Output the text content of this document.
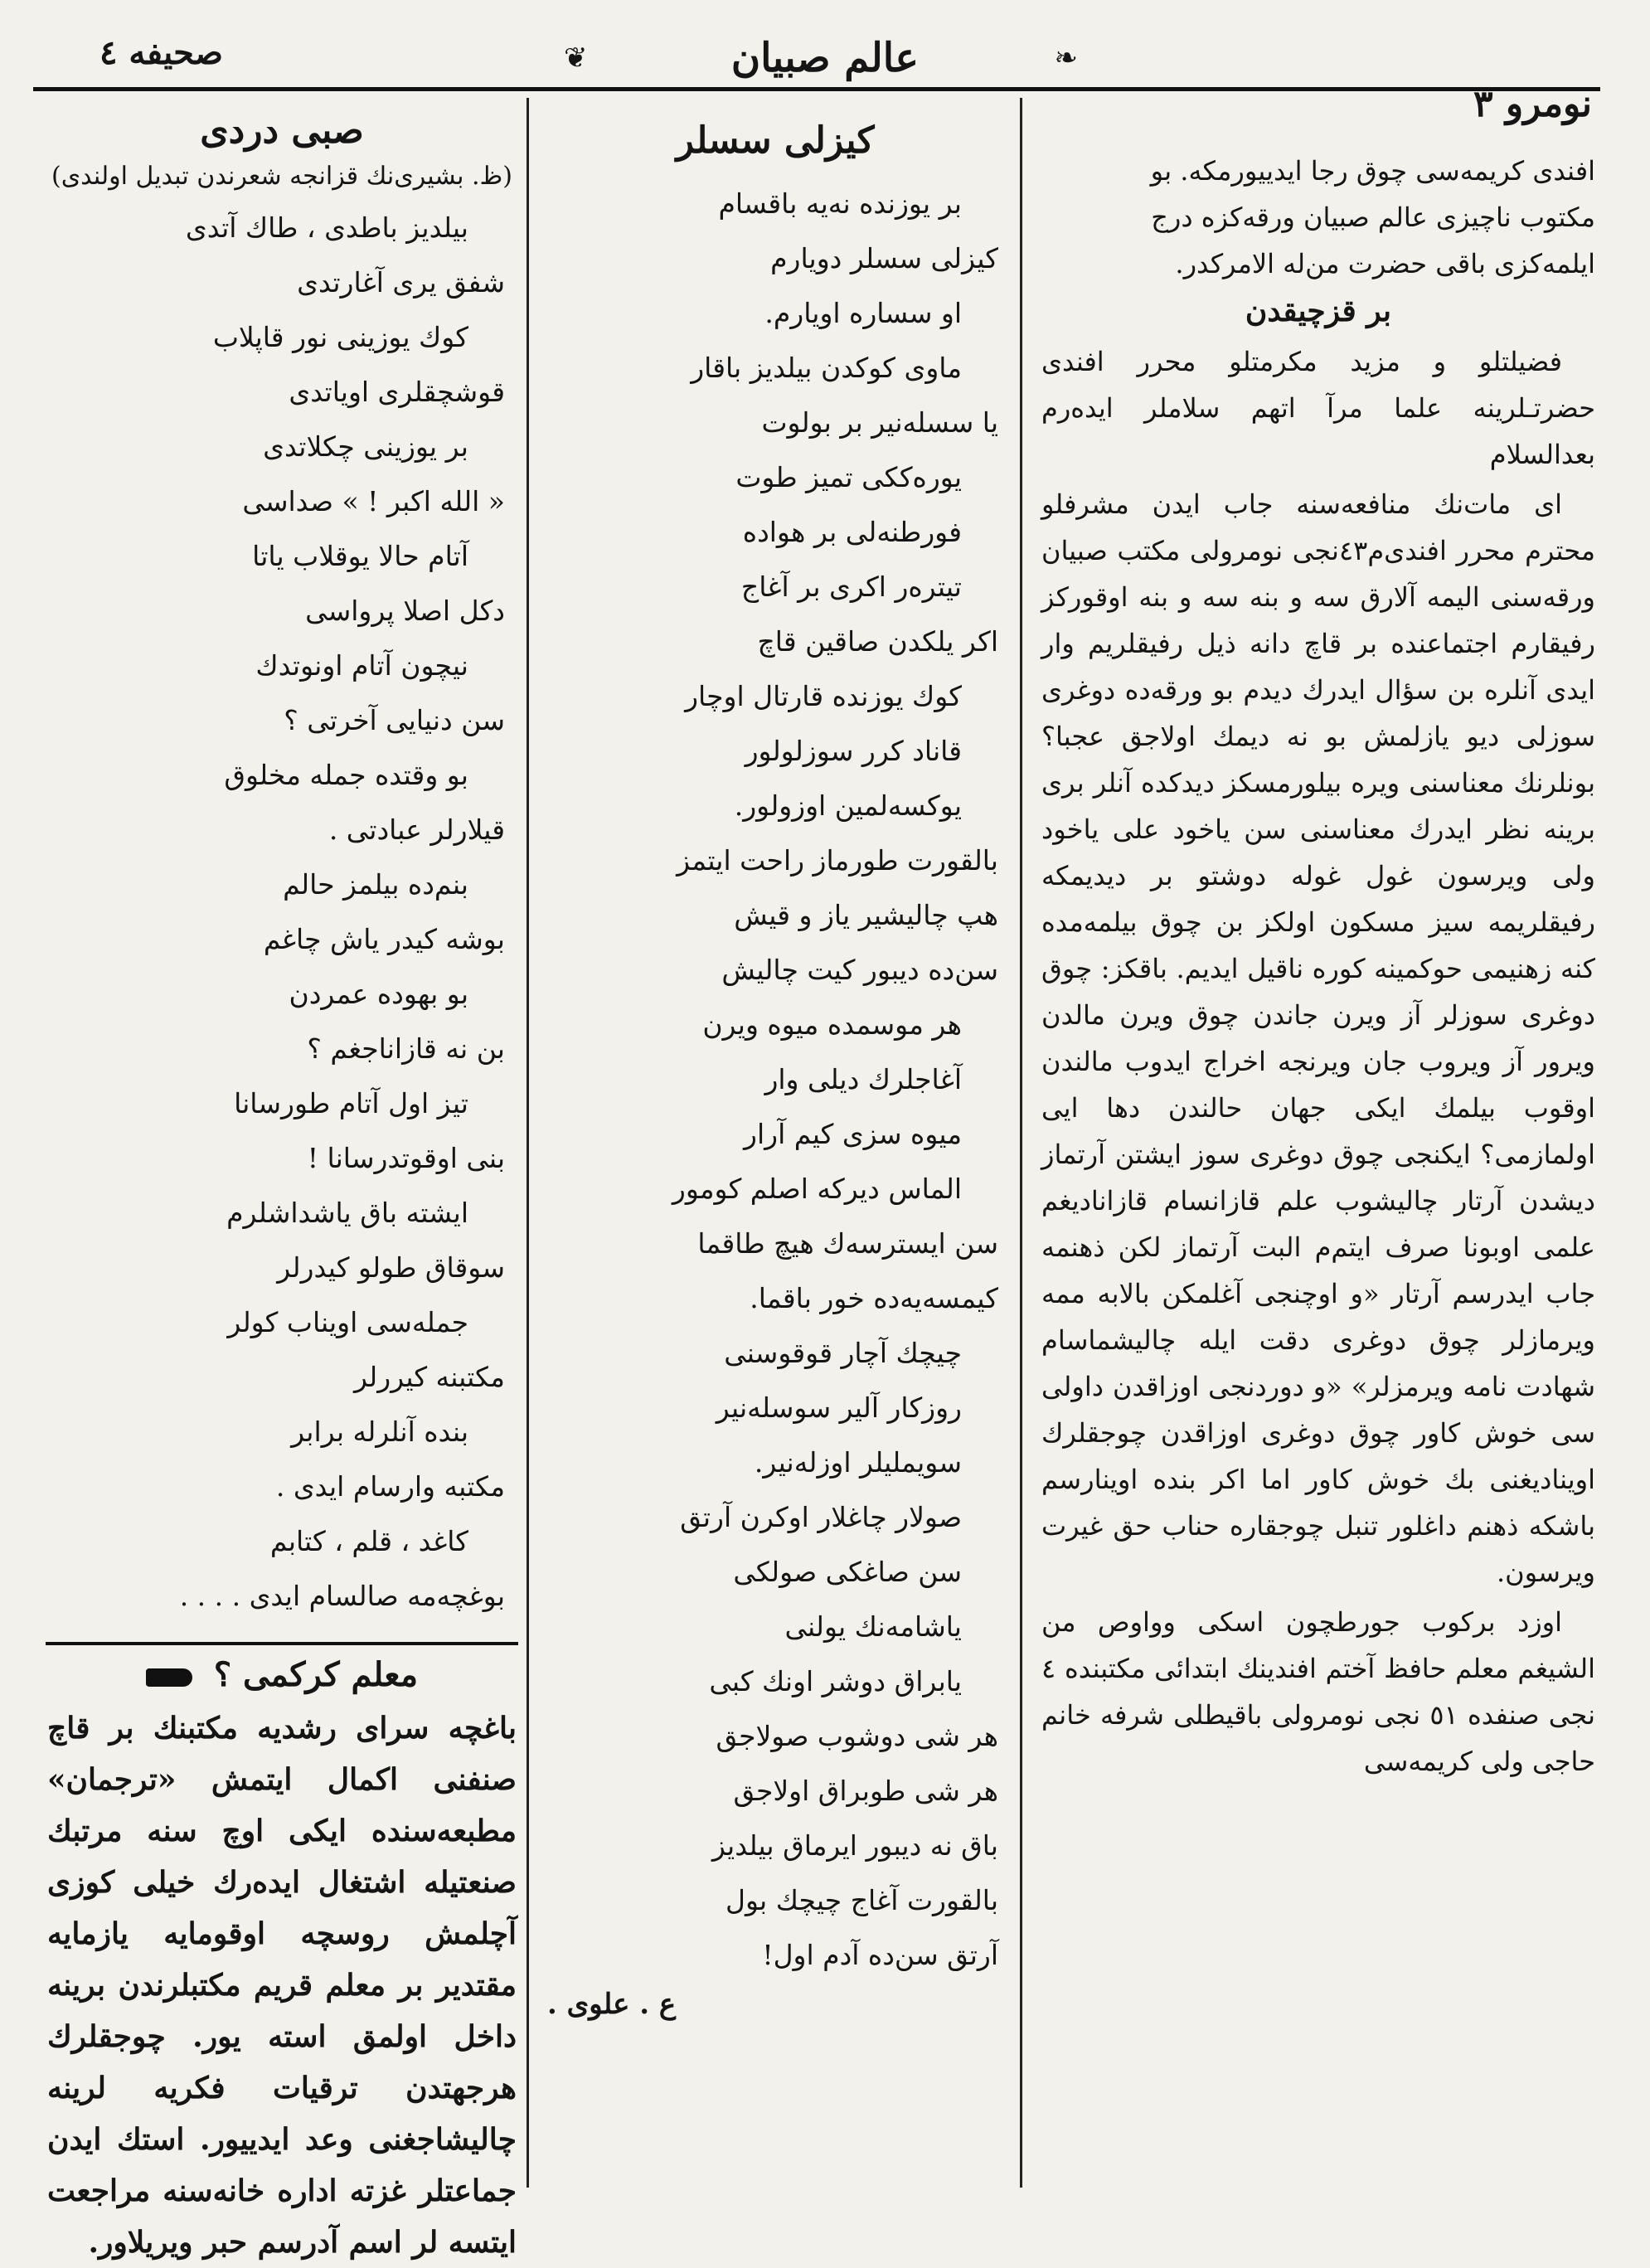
صحیفه ٤	❦	عالم صبیان	❧
نومرو ٣
افندی کریمه‌سی چوق رجا ایدییورمکه. بو
مکتوب ناچیزی عالم صبیان ورقه‌کزه درج
ایلمه‌کزی باقی حضرت من‌له الامرکدر.
بر قزچیقدن

فضیلتلو و مزید مکرمتلو محرر افندی حضرتـلرینه علما مرآ اتهم سلاملر ایده‌رم بعدالسلام

ای مات‌نك منافعه‌سنه جاب ایدن مشرفلو محترم محرر افندی‌م٤٣نجی نومرولی مکتب صبیان ورقه‌سنی الیمه آلارق سه و بنه سه و بنه اوقورکز رفیقارم اجتماعنده بر قاچ دانه ذیل رفیقلریم وار ایدی آنلره بن سؤال ایدرك دیدم بو ورقه‌ده دوغری سوزلی دیو یازلمش بو نه دیمك اولاجق عجبا؟ بونلرنك معناسنی ویره بیلورمسکز دیدکده آنلر بری برینه نظر ایدرك معناسنی سن یاخود علی یاخود ولی ویرسون غول غوله دوشتو بر دیدیمکه رفیقلریمه سیز مسکون اولکز بن چوق بیلمه‌مده کنه زهنیمی حوکمینه کوره ناقیل ایدیم. باقکز: چوق دوغری سوزلر آز ویرن جاندن چوق ویرن مالدن ویرور آز ویروب جان ویرنجه اخراج ایدوب مالندن اوقوب بیلمك ایکی جهان حالندن دها ایی اولمازمی؟ ایکنجی چوق دوغری سوز ایشتن آرتماز دیشدن آرتار چالیشوب علم قازانسام قازانادیغم علمی اوبونا صرف ایتم‌م البت آرتماز لکن ذهنمه جاب ایدرسم آرتار «و اوچنجی آغلمکن بالابه ممه ویرمازلر چوق دوغری دقت ایله چالیشماسام شهادت نامه ویرمزلر» «و دوردنجی اوزاقدن داولی سی خوش کاور چوق دوغری اوزاقدن چوجقلرك اوینادیغنی بك خوش کاور اما اکر بنده اوینارسم باشکه ذهنم داغلور تنبل چوجقاره حناب حق غیرت ویرسون.

اوزد برکوب جورطچون اسکی وواوص من الشیغم معلم حافظ آختم افندینك ابتدائی مکتبنده ٤ نجی صنفده ٥١ نجی نومرولی باقیطلی شرفه خانم حاجی ولی کریمه‌سی

کیزلی سسلر
بر یوزنده نه‌یه باقسام
کیزلی سسلر دویارم
او سساره اویارم.
ماوی کوکدن بیلدیز باقار
یا سسله‌نیر بر بولوت
یوره‌ککی تمیز طوت
فورطنه‌لی بر هواده
تیتره‌ر اکری بر آغاج
اکر یلکدن صاقین قاچ
کوك یوزنده قارتال اوچار
قاناد کرر سوزلولور
یوکسه‌لمین اوزولور.
بالقورت طورماز راحت ایتمز
هپ چالیشیر یاز و قیش
سن‌ده دیبور کیت چالیش
هر موسمده میوه ویرن
آغاجلرك دیلی وار
میوه سزی کیم آرار
الماس دیرکه اصلم کومور
سن ایسترسه‌ك هیچ طاقما
کیمسه‌یه‌ده خور باقما.
چیچك آچار قوقوسنی
روزکار آلیر سوسله‌نیر
سویملیلر اوزله‌نیر.
صولار چاغلار اوکرن آرتق
سن صاغکی صولکی
یاشامه‌نك یولنی
یابراق دوشر اونك کبی
هر شی دوشوب صولاجق
هر شی طوبراق اولاجق
باق نه دیبور ایرماق بیلدیز
بالقورت آغاج چیچك بول
آرتق سن‌ده آدم اول!
ع . علوی .
صبی دردی
(ظ. بشیری‌نك قزانجه شعرندن تبدیل اولندی)
بیلدیز باطدی ، طاك آتدی
شفق یری آغارتدی
کوك یوزینی نور قاپلاب
قوشچقلری اویاتدی
بر یوزینی چکلاتدی
« الله اکبر ! » صداسی
آتام حالا یوقلاب یاتا
دکل اصلا پرواسی
نیچون آتام اونوتدك
سن دنیایی آخرتی ؟
بو وقتده جمله مخلوق
قیلارلر عبادتی .
بنم‌ده بیلمز حالم
بوشه کیدر یاش چاغم
بو بهوده عمردن
بن نه قازاناجغم ؟
تیز اول آتام طورسانا
بنی اوقوتدرسانا !
ایشته باق یاشداشلرم
سوقاق طولو کیدرلر
جمله‌سی اویناب کولر
مکتبنه کیررلر
بنده آنلرله برابر
مکتبه وارسام ایدی .
کاغد ، قلم ، کتابم
بوغچه‌مه صالسام ایدی . . . .
معلم کرکمی ؟
باغچه سرای رشدیه مکتبنك بر قاچ صنفنی اکمال ایتمش «ترجمان» مطبعه‌سنده ایکی اوچ سنه مرتبك صنعتیله اشتغال ایده‌رك خیلی کوزی آچلمش روسچه اوقومایه یازمایه مقتدیر بر معلم قریم مکتبلرندن برینه داخل اولمق استه یور. چوجقلرك هرجهتدن ترقیات فکریه لرینه چالیشاجغنی وعد ایدییور. استك ایدن جماعتلر غزته اداره خانه‌سنه مراجعت ایتسه لر اسم آدرسم حبر ویریلاور.
